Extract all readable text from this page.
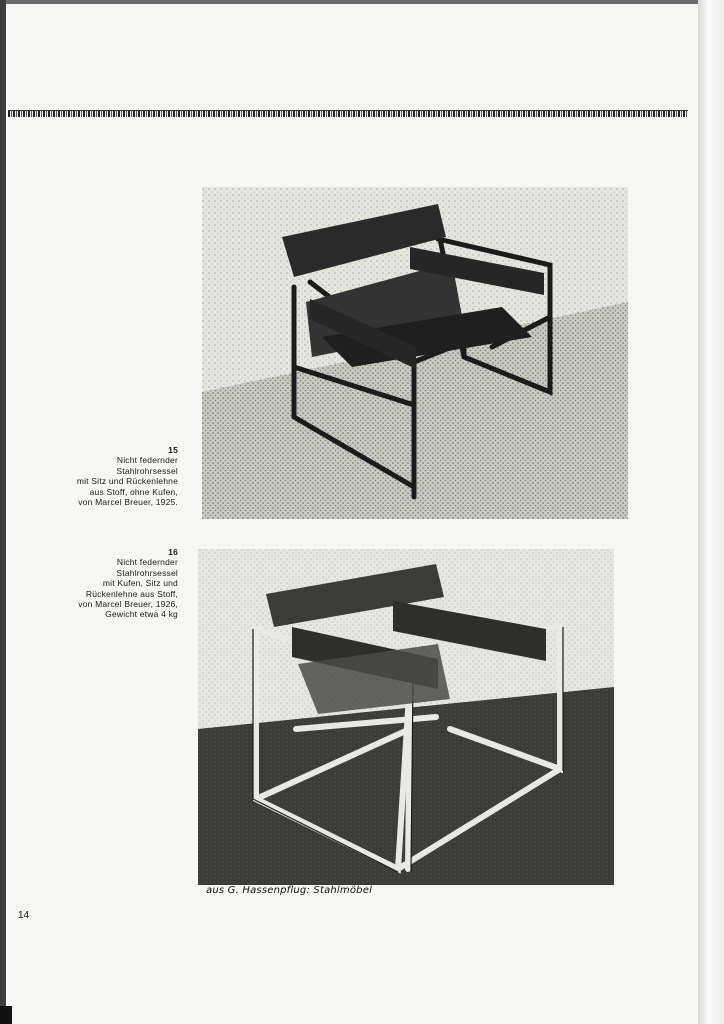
15
Nicht federnder
Stahlrohrsessel
mit Sitz und Rückenlehne
aus Stoff, ohne Kufen,
von Marcel Breuer, 1925.
16
Nicht federnder
Stahlrohrsessel
mit Kufen, Sitz und
Rückenlehne aus Stoff,
von Marcel Breuer, 1926,
Gewicht etwa 4 kg
aus G. Hassenpflug: Stahlmöbel
14
